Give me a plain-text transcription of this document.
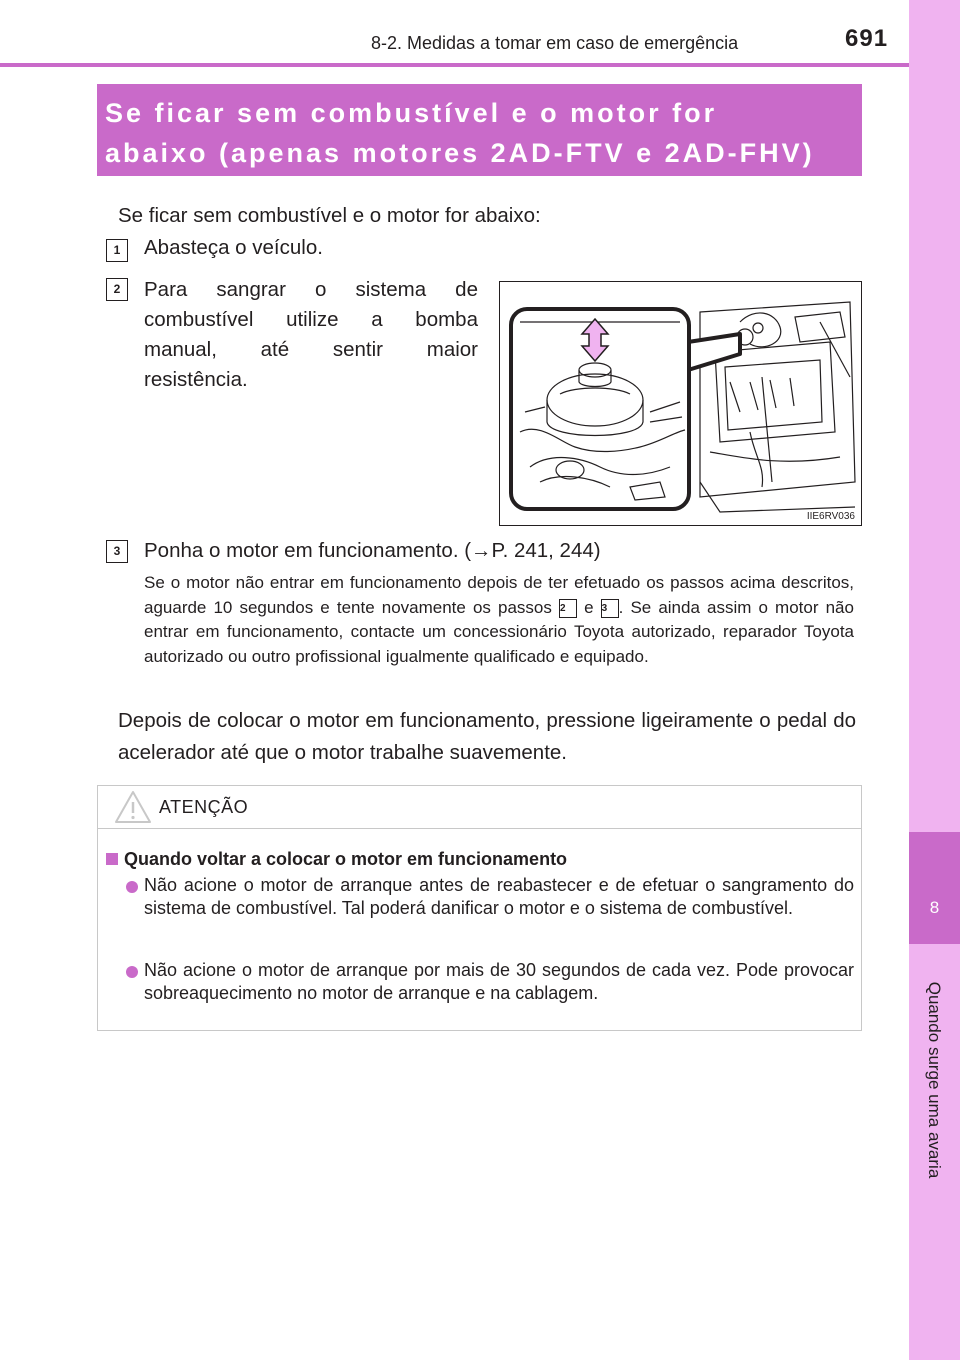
8
Quando surge uma avaria
8-2. Medidas a tomar em caso de emergência	691
Se ficar sem combustível e o motor for
abaixo (apenas motores 2AD-FTV e 2AD-FHV)
Se ficar sem combustível e o motor for abaixo:
1	Abasteça o veículo.
2	Para sangrar o sistema de
combustível utilize a bomba
manual, até sentir maior
resistência.
IIE6RV036
3	Ponha o motor em funcionamento. (→P. 241, 244)
Se o motor não entrar em funcionamento depois de ter efetuado os passos acima descritos, aguarde 10 segundos e tente novamente os passos 2 e 3 . Se ainda assim o motor não entrar em funcionamento, contacte um concessionário Toyota autorizado, reparador Toyota autorizado ou outro profissional igualmente qualificado e equipado.
Depois de colocar o motor em funcionamento, pressione ligeiramente o pedal do acelerador até que o motor trabalhe suavemente.
ATENÇÃO
Quando voltar a colocar o motor em funcionamento
Não acione o motor de arranque antes de reabastecer e de efetuar o sangramento do sistema de combustível. Tal poderá danificar o motor e o sistema de combustível.
Não acione o motor de arranque por mais de 30 segundos de cada vez. Pode provocar sobreaquecimento no motor de arranque e na cablagem.
